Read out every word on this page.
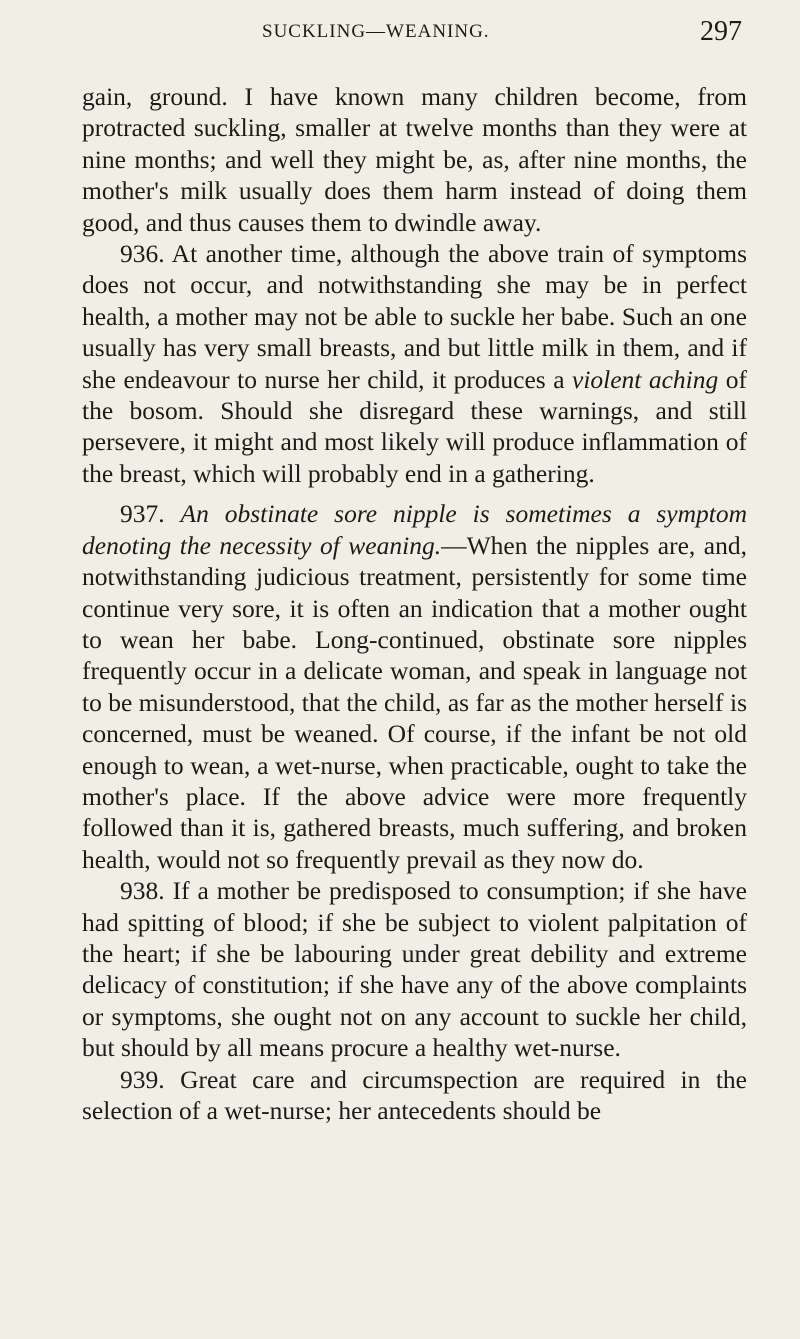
SUCKLING—WEANING.	297

gain, ground. I have known many children become, from protracted suckling, smaller at twelve months than they were at nine months; and well they might be, as, after nine months, the mother's milk usually does them harm instead of doing them good, and thus causes them to dwindle away.

936. At another time, although the above train of symptoms does not occur, and notwithstanding she may be in perfect health, a mother may not be able to suckle her babe. Such an one usually has very small breasts, and but little milk in them, and if she endeavour to nurse her child, it produces a violent aching of the bosom. Should she disregard these warnings, and still persevere, it might and most likely will produce inflammation of the breast, which will probably end in a gathering.

937. An obstinate sore nipple is sometimes a symptom denoting the necessity of weaning.—When the nipples are, and, notwithstanding judicious treatment, persistently for some time continue very sore, it is often an indication that a mother ought to wean her babe. Long-continued, obstinate sore nipples frequently occur in a delicate woman, and speak in language not to be misunderstood, that the child, as far as the mother herself is concerned, must be weaned. Of course, if the infant be not old enough to wean, a wet-nurse, when practicable, ought to take the mother's place. If the above advice were more frequently followed than it is, gathered breasts, much suffering, and broken health, would not so frequently prevail as they now do.

938. If a mother be predisposed to consumption; if she have had spitting of blood; if she be subject to violent palpitation of the heart; if she be labouring under great debility and extreme delicacy of constitution; if she have any of the above complaints or symptoms, she ought not on any account to suckle her child, but should by all means procure a healthy wet-nurse.

939. Great care and circumspection are required in the selection of a wet-nurse; her antecedents should be
